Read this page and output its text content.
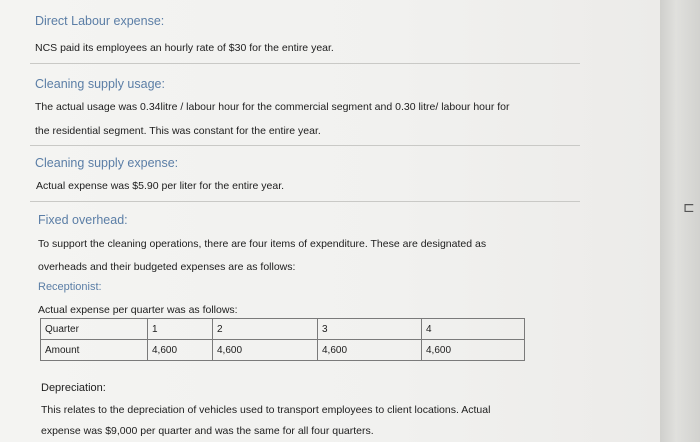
Direct Labour expense:
NCS paid its employees an hourly rate of $30 for the entire year.
Cleaning supply usage:
The actual usage was 0.34litre / labour hour for the commercial segment and 0.30 litre/ labour hour for
the residential segment. This was constant for the entire year.
Cleaning supply expense:
Actual expense was $5.90 per liter for the entire year.
Fixed overhead:
To support the cleaning operations, there are four items of expenditure. These are designated as
overheads and their budgeted expenses are as follows:
Receptionist:
Actual expense per quarter was as follows:
Quarter	1	2	3	4
Amount	4,600	4,600	4,600	4,600
Depreciation:
This relates to the depreciation of vehicles used to transport employees to client locations. Actual
expense was $9,000 per quarter and was the same for all four quarters.
⊏
